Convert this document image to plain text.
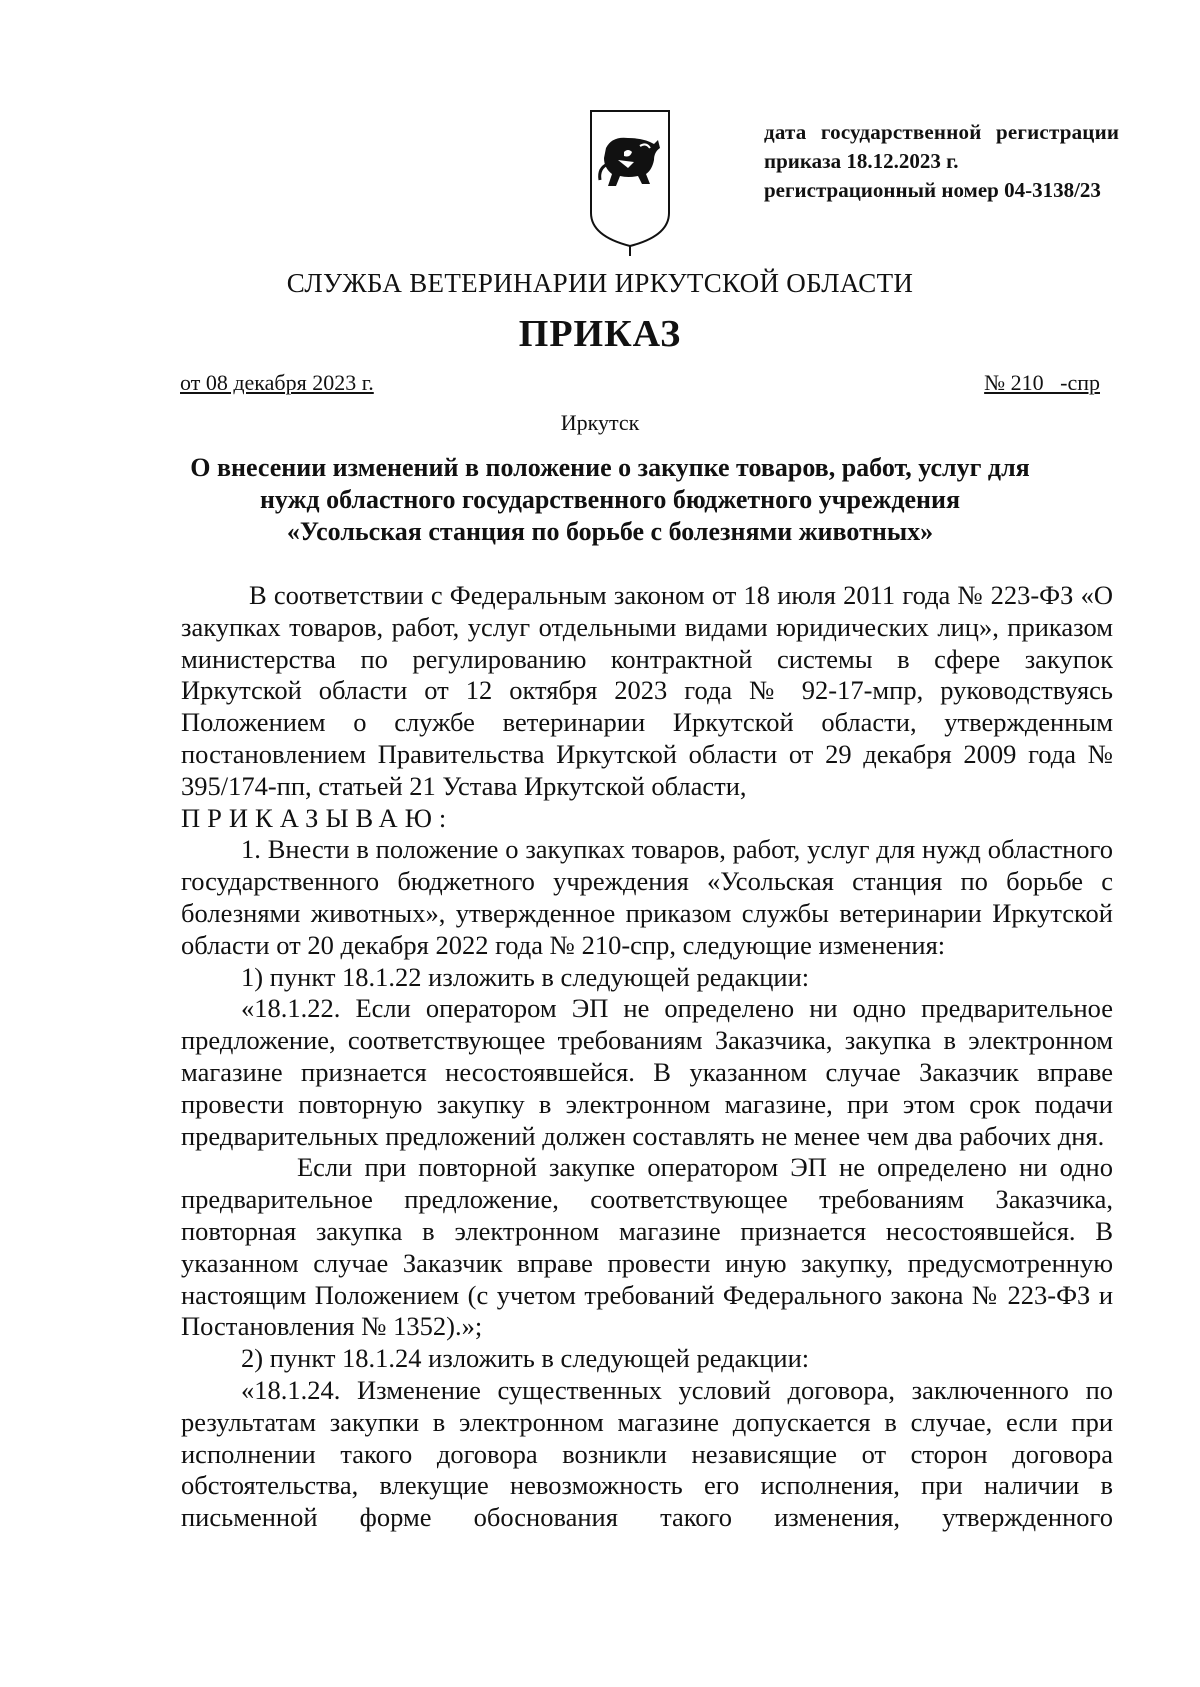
дата государственной регистрации
приказа 18.12.2023 г.
регистрационный номер 04-3138/23
СЛУЖБА ВЕТЕРИНАРИИ ИРКУТСКОЙ ОБЛАСТИ
ПРИКАЗ
от 08 декабря 2023 г.	№ 210   -спр
Иркутск
О внесении изменений в положение о закупке товаров, работ, услуг для
нужд областного государственного бюджетного учреждения
«Усольская станция по борьбе с болезнями животных»

В соответствии с Федеральным законом от 18 июля 2011 года № 223-ФЗ «О закупках товаров, работ, услуг отдельными видами юридических лиц», приказом министерства по регулированию контрактной системы в сфере закупок Иркутской области от 12 октября 2023 года № 92-17-мпр, руководствуясь Положением о службе ветеринарии Иркутской области, утвержденным постановлением Правительства Иркутской области от 29 декабря 2009 года № 395/174-пп, статьей 21 Устава Иркутской области,

ПРИКАЗЫВАЮ:

1. Внести в положение о закупках товаров, работ, услуг для нужд областного государственного бюджетного учреждения «Усольская станция по борьбе с болезнями животных», утвержденное приказом службы ветеринарии Иркутской области от 20 декабря 2022 года № 210-спр, следующие изменения:

1) пункт 18.1.22 изложить в следующей редакции:

«18.1.22. Если оператором ЭП не определено ни одно предварительное предложение, соответствующее требованиям Заказчика, закупка в электронном магазине признается несостоявшейся. В указанном случае Заказчик вправе провести повторную закупку в электронном магазине, при этом срок подачи предварительных предложений должен составлять не менее чем два рабочих дня.

Если при повторной закупке оператором ЭП не определено ни одно предварительное предложение, соответствующее требованиям Заказчика, повторная закупка в электронном магазине признается несостоявшейся. В указанном случае Заказчик вправе провести иную закупку, предусмотренную настоящим Положением (с учетом требований Федерального закона № 223-ФЗ и Постановления № 1352).»;

2) пункт 18.1.24 изложить в следующей редакции:

«18.1.24. Изменение существенных условий договора, заключенного по результатам закупки в электронном магазине допускается в случае, если при исполнении такого договора возникли независящие от сторон договора обстоятельства, влекущие невозможность его исполнения, при наличии в письменной форме обоснования такого изменения, утвержденного
